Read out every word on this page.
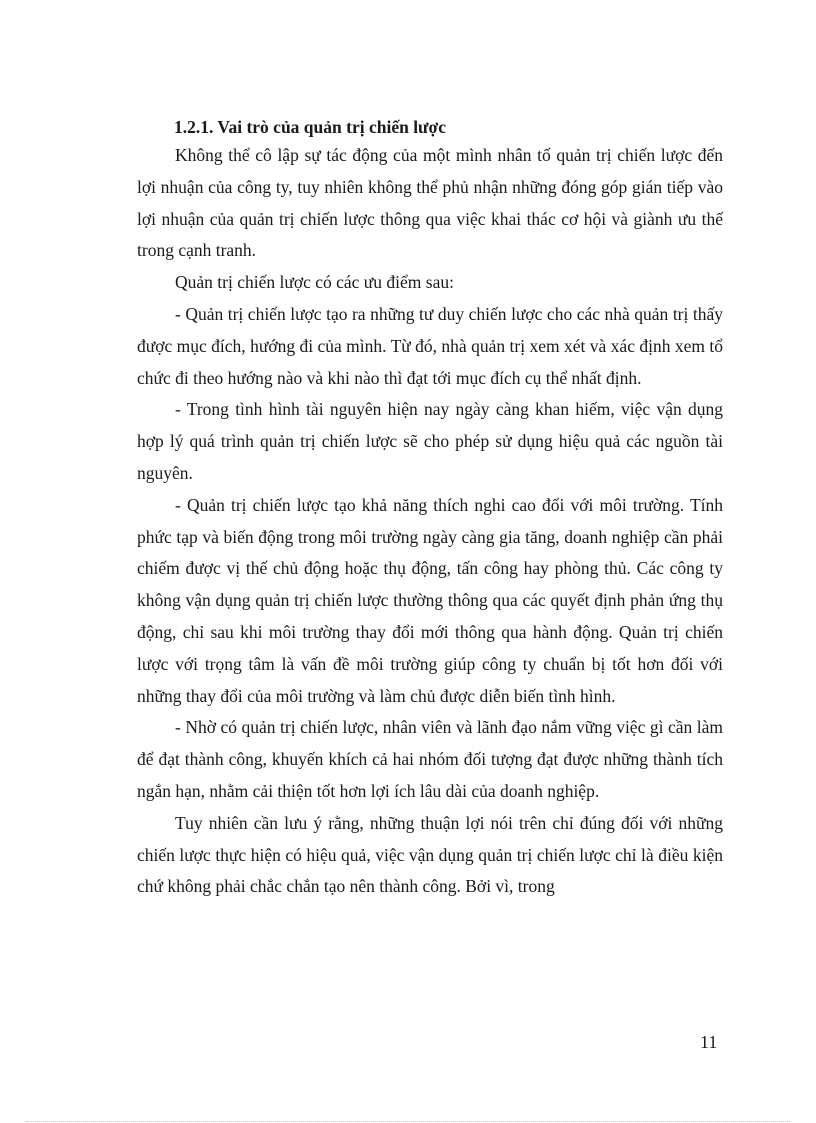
1.2.1. Vai trò của quản trị chiến lược

Không thể cô lập sự tác động của một mình nhân tố quản trị chiến lược đến lợi nhuận của công ty, tuy nhiên không thể phủ nhận những đóng góp gián tiếp vào lợi nhuận của quản trị chiến lược thông qua việc khai thác cơ hội và giành ưu thế trong cạnh tranh.

Quản trị chiến lược có các ưu điểm sau:

- Quản trị chiến lược tạo ra những tư duy chiến lược cho các nhà quản trị thấy được mục đích, hướng đi của mình. Từ đó, nhà quản trị xem xét và xác định xem tổ chức đi theo hướng nào và khi nào thì đạt tới mục đích cụ thể nhất định.

- Trong tình hình tài nguyên hiện nay ngày càng khan hiếm, việc vận dụng hợp lý quá trình quản trị chiến lược sẽ cho phép sử dụng hiệu quả các nguồn tài nguyên.

- Quản trị chiến lược tạo khả năng thích nghi cao đối với môi trường. Tính phức tạp và biến động trong môi trường ngày càng gia tăng, doanh nghiệp cần phải chiếm được vị thế chủ động hoặc thụ động, tấn công hay phòng thủ. Các công ty không vận dụng quản trị chiến lược thường thông qua các quyết định phản ứng thụ động, chỉ sau khi môi trường thay đổi mới thông qua hành động. Quản trị chiến lược với trọng tâm là vấn đề môi trường giúp công ty chuẩn bị tốt hơn đối với những thay đổi của môi trường và làm chủ được diễn biến tình hình.

- Nhờ có quản trị chiến lược, nhân viên và lãnh đạo nắm vững việc gì cần làm để đạt thành công, khuyến khích cả hai nhóm đối tượng đạt được những thành tích ngắn hạn, nhằm cải thiện tốt hơn lợi ích lâu dài của doanh nghiệp.

Tuy nhiên cần lưu ý rằng, những thuận lợi nói trên chỉ đúng đối với những chiến lược thực hiện có hiệu quả, việc vận dụng quản trị chiến lược chỉ là điều kiện chứ không phải chắc chắn tạo nên thành công. Bởi vì, trong

11
